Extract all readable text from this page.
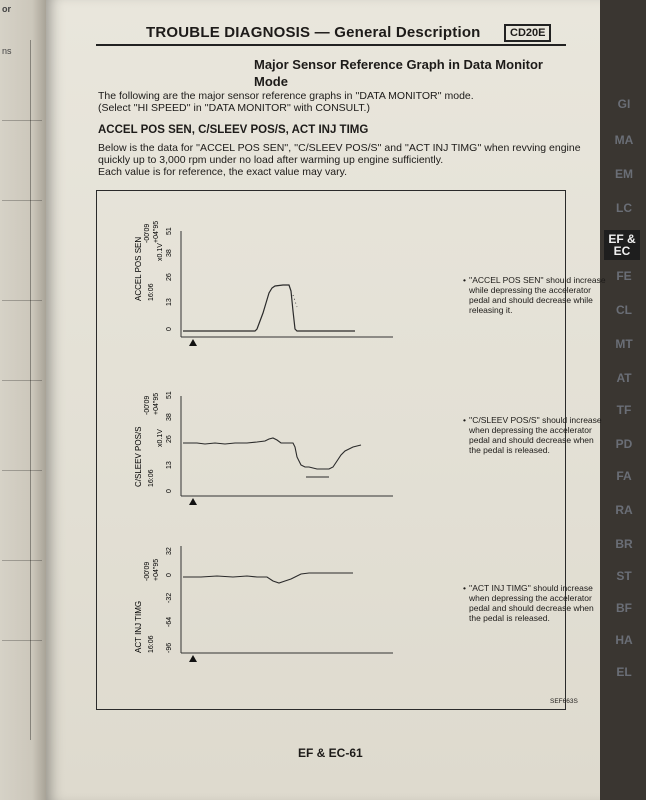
or
ns
TROUBLE DIAGNOSIS — General Description	CD20E
Major Sensor Reference Graph in Data Monitor
Mode
The following are the major sensor reference graphs in ''DATA MONITOR'' mode.
(Select ''HI SPEED'' in ''DATA MONITOR'' with CONSULT.)
ACCEL POS SEN, C/SLEEV POS/S, ACT INJ TIMG
Below is the data for ''ACCEL POS SEN'', ''C/SLEEV POS/S'' and ''ACT INJ TIMG'' when revving engine
quickly up to 3,000 rpm under no load after warming up engine sufficiently.
Each value is for reference, the exact value may vary.
ACCEL POS SEN 16:06
x0.1V
-00'09 +04"95
0
13
26
38
51
C/SLEEV POS/S 16:06
x0.1V
-00'09 +04"95
0
13
26
38
51
ACT INJ TIMG 16:06
-00'09 +04"95
-96
-64
-32
0
32
• ''ACCEL POS SEN'' should increase
while depressing the accelerator
pedal and should decrease while
releasing it.
• ''C/SLEEV POS/S'' should increase
when depressing the accelerator
pedal and should decrease when
the pedal is released.
• ''ACT INJ TIMG'' should increase
when depressing the accelerator
pedal and should decrease when
the pedal is released.
SEF663S
EF & EC-61
GI
MA
EM
LC
EF &
EC
FE
CL
MT
AT
TF
PD
FA
RA
BR
ST
BF
HA
EL
